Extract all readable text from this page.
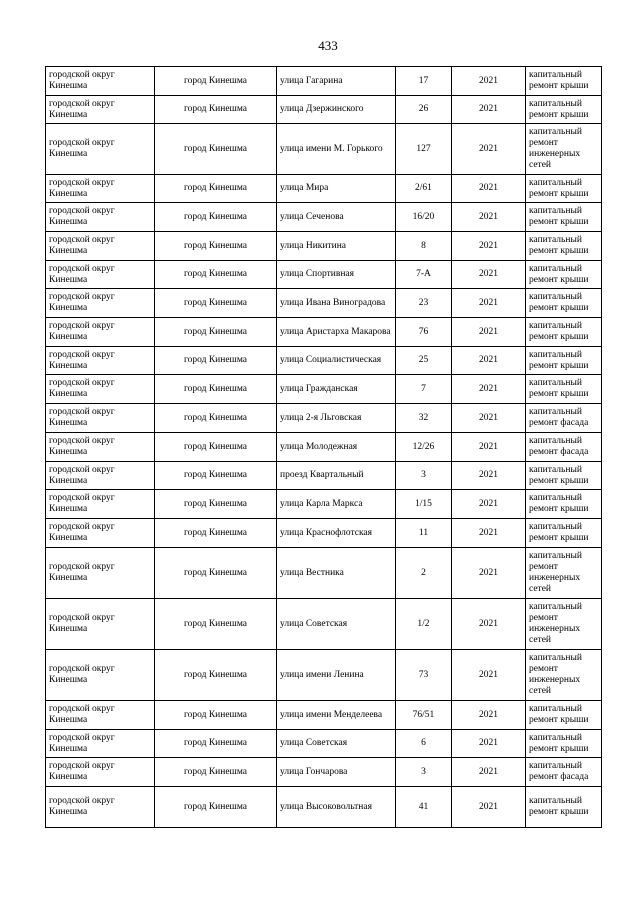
433
городской округ Кинешма	город Кинешма	улица Гагарина	17	2021	капитальный ремонт крыши
городской округ Кинешма	город Кинешма	улица Дзержинского	26	2021	капитальный ремонт крыши
городской округ Кинешма	город Кинешма	улица имени М. Горького	127	2021	капитальный ремонт инженерных сетей
городской округ Кинешма	город Кинешма	улица Мира	2/61	2021	капитальный ремонт крыши
городской округ Кинешма	город Кинешма	улица Сеченова	16/20	2021	капитальный ремонт крыши
городской округ Кинешма	город Кинешма	улица Никитина	8	2021	капитальный ремонт крыши
городской округ Кинешма	город Кинешма	улица Спортивная	7-А	2021	капитальный ремонт крыши
городской округ Кинешма	город Кинешма	улица Ивана Виноградова	23	2021	капитальный ремонт крыши
городской округ Кинешма	город Кинешма	улица Аристарха Макарова	76	2021	капитальный ремонт крыши
городской округ Кинешма	город Кинешма	улица Социалистическая	25	2021	капитальный ремонт крыши
городской округ Кинешма	город Кинешма	улица Гражданская	7	2021	капитальный ремонт крыши
городской округ Кинешма	город Кинешма	улица 2-я Льговская	32	2021	капитальный ремонт фасада
городской округ Кинешма	город Кинешма	улица Молодежная	12/26	2021	капитальный ремонт фасада
городской округ Кинешма	город Кинешма	проезд Квартальный	3	2021	капитальный ремонт крыши
городской округ Кинешма	город Кинешма	улица Карла Маркса	1/15	2021	капитальный ремонт крыши
городской округ Кинешма	город Кинешма	улица Краснофлотская	11	2021	капитальный ремонт крыши
городской округ Кинешма	город Кинешма	улица Вестника	2	2021	капитальный ремонт инженерных сетей
городской округ Кинешма	город Кинешма	улица Советская	1/2	2021	капитальный ремонт инженерных сетей
городской округ Кинешма	город Кинешма	улица имени Ленина	73	2021	капитальный ремонт инженерных сетей
городской округ Кинешма	город Кинешма	улица имени Менделеева	76/51	2021	капитальный ремонт крыши
городской округ Кинешма	город Кинешма	улица Советская	6	2021	капитальный ремонт крыши
городской округ Кинешма	город Кинешма	улица Гончарова	3	2021	капитальный ремонт фасада
городской округ Кинешма	город Кинешма	улица Высоковольтная	41	2021	капитальный ремонт крыши
